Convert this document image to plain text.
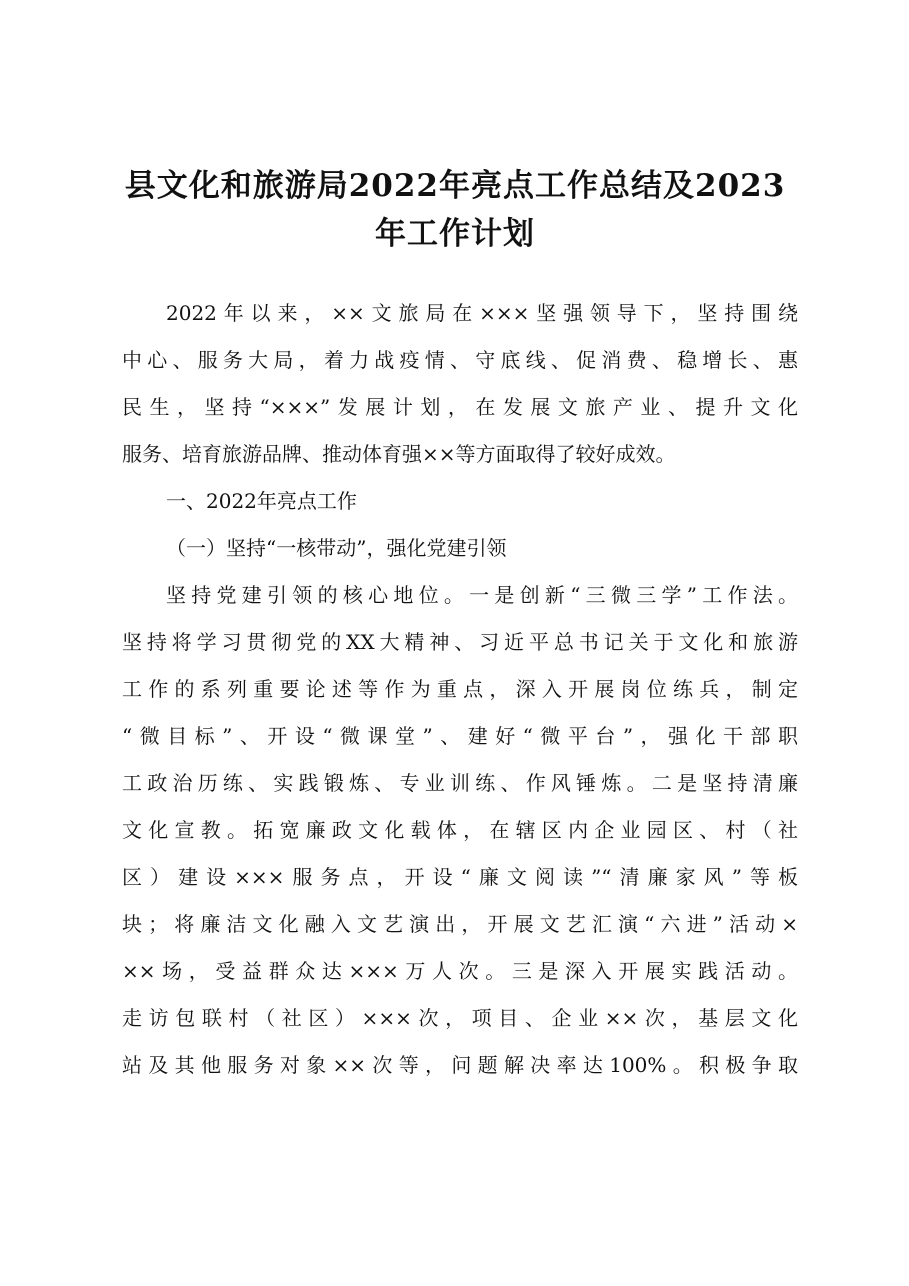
县文化和旅游局2022年亮点工作总结及2023
年工作计划
2022年以来，××文旅局在×××坚强领导下，坚持围绕
中心、服务大局，着力战疫情、守底线、促消费、稳增长、惠
民生，坚持“×××”发展计划，在发展文旅产业、提升文化
服务、培育旅游品牌、推动体育强××等方面取得了较好成效。
一、2022年亮点工作
（一）坚持“一核带动”，强化党建引领
坚持党建引领的核心地位。一是创新“三微三学”工作法。
坚持将学习贯彻党的XX大精神、习近平总书记关于文化和旅游
工作的系列重要论述等作为重点，深入开展岗位练兵，制定
“微目标”、开设“微课堂”、建好“微平台”，强化干部职
工政治历练、实践锻炼、专业训练、作风锤炼。二是坚持清廉
文化宣教。拓宽廉政文化载体，在辖区内企业园区、村（社
区）建设×××服务点，开设“廉文阅读”“清廉家风”等板
块；将廉洁文化融入文艺演出，开展文艺汇演“六进”活动×
××场，受益群众达×××万人次。三是深入开展实践活动。
走访包联村（社区）×××次，项目、企业××次，基层文化
站及其他服务对象××次等，问题解决率达100%。积极争取
